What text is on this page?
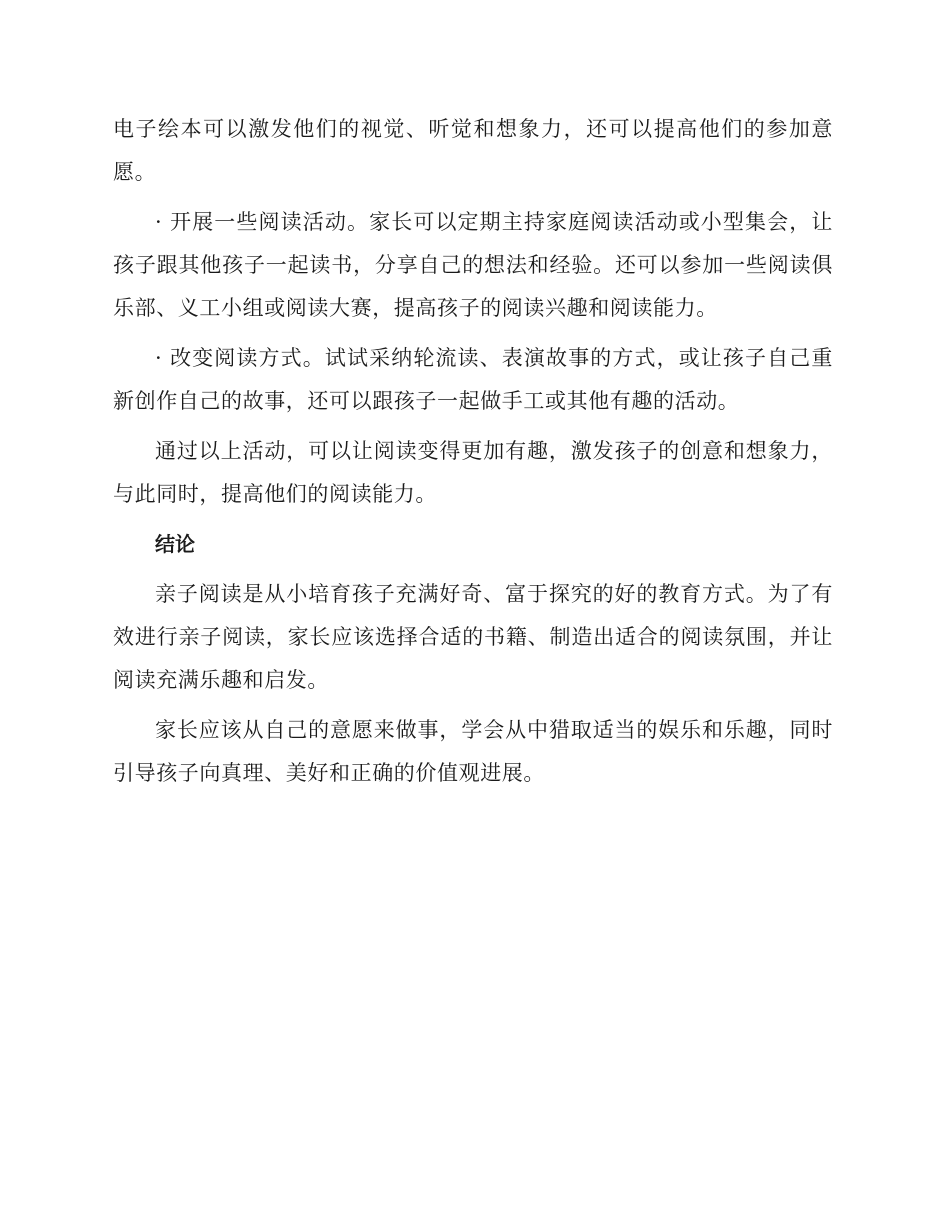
电子绘本可以激发他们的视觉、听觉和想象力，还可以提高他们的参加意愿。

· 开展一些阅读活动。家长可以定期主持家庭阅读活动或小型集会，让孩子跟其他孩子一起读书，分享自己的想法和经验。还可以参加一些阅读俱乐部、义工小组或阅读大赛，提高孩子的阅读兴趣和阅读能力。

· 改变阅读方式。试试采纳轮流读、表演故事的方式，或让孩子自己重新创作自己的故事，还可以跟孩子一起做手工或其他有趣的活动。

通过以上活动，可以让阅读变得更加有趣，激发孩子的创意和想象力，与此同时，提高他们的阅读能力。

结论

亲子阅读是从小培育孩子充满好奇、富于探究的好的教育方式。为了有效进行亲子阅读，家长应该选择合适的书籍、制造出适合的阅读氛围，并让阅读充满乐趣和启发。

家长应该从自己的意愿来做事，学会从中猎取适当的娱乐和乐趣，同时引导孩子向真理、美好和正确的价值观进展。
